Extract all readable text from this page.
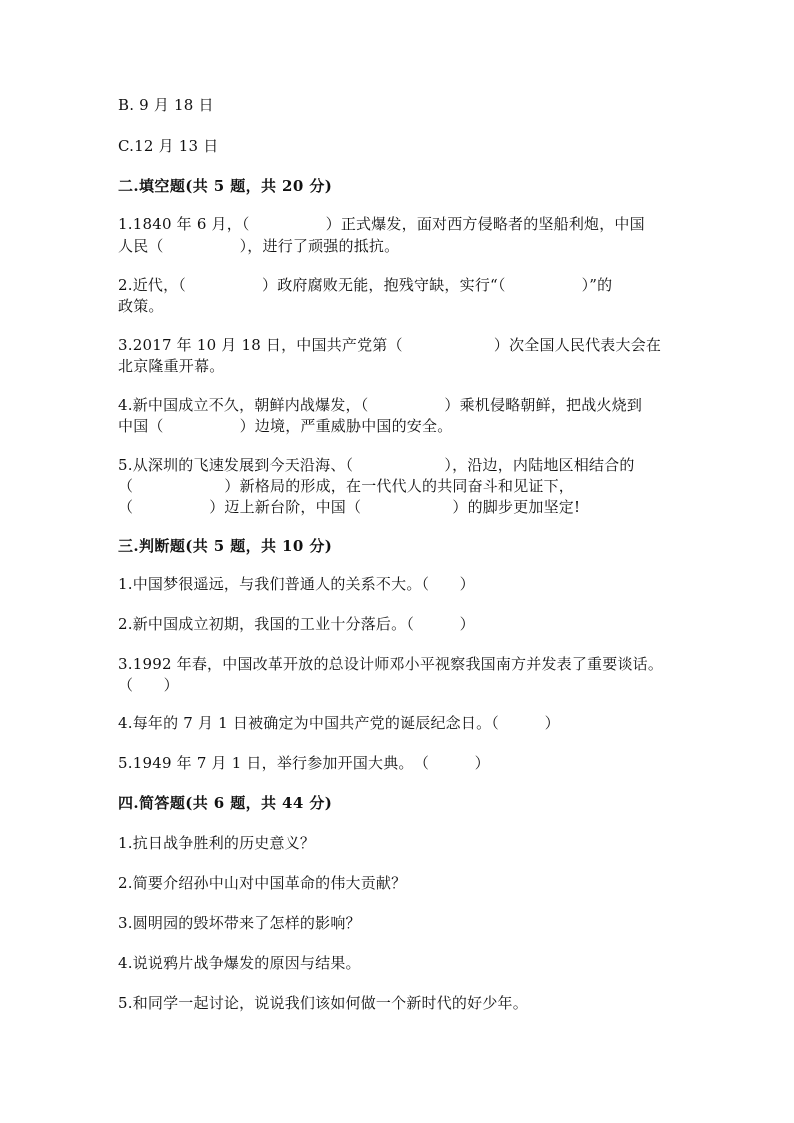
B. 9 月 18 日
C.12 月 13 日
二.填空题(共 5 题，共 20 分)
1.1840 年 6 月，（　　　　　）正式爆发，面对西方侵略者的坚船利炮，中国
人民（　　　　　），进行了顽强的抵抗。
2.近代，（　　　　　）政府腐败无能，抱残守缺，实行“（　　　　　）”的
政策。
3.2017 年 10 月 18 日，中国共产党第（　　　　　　）次全国人民代表大会在
北京隆重开幕。
4.新中国成立不久，朝鲜内战爆发，（　　　　　）乘机侵略朝鲜，把战火烧到
中国（　　　　　）边境，严重威胁中国的安全。
5.从深圳的飞速发展到今天沿海、（　　　　　　），沿边，内陆地区相结合的
（　　　　　　）新格局的形成，在一代代人的共同奋斗和见证下，
（　　　　　）迈上新台阶，中国（　　　　　　）的脚步更加坚定!
三.判断题(共 5 题，共 10 分)
1.中国梦很遥远，与我们普通人的关系不大。（　　）
2.新中国成立初期，我国的工业十分落后。（　　　）
3.1992 年春，中国改革开放的总设计师邓小平视察我国南方并发表了重要谈话。
（　　）
4.每年的 7 月 1 日被确定为中国共产党的诞辰纪念日。（　　　）
5.1949 年 7 月 1 日，举行参加开国大典。　（　　　）
四.简答题(共 6 题，共 44 分)
1.抗日战争胜利的历史意义？
2.简要介绍孙中山对中国革命的伟大贡献？
3.圆明园的毁坏带来了怎样的影响？
4.说说鸦片战争爆发的原因与结果。
5.和同学一起讨论，说说我们该如何做一个新时代的好少年。
